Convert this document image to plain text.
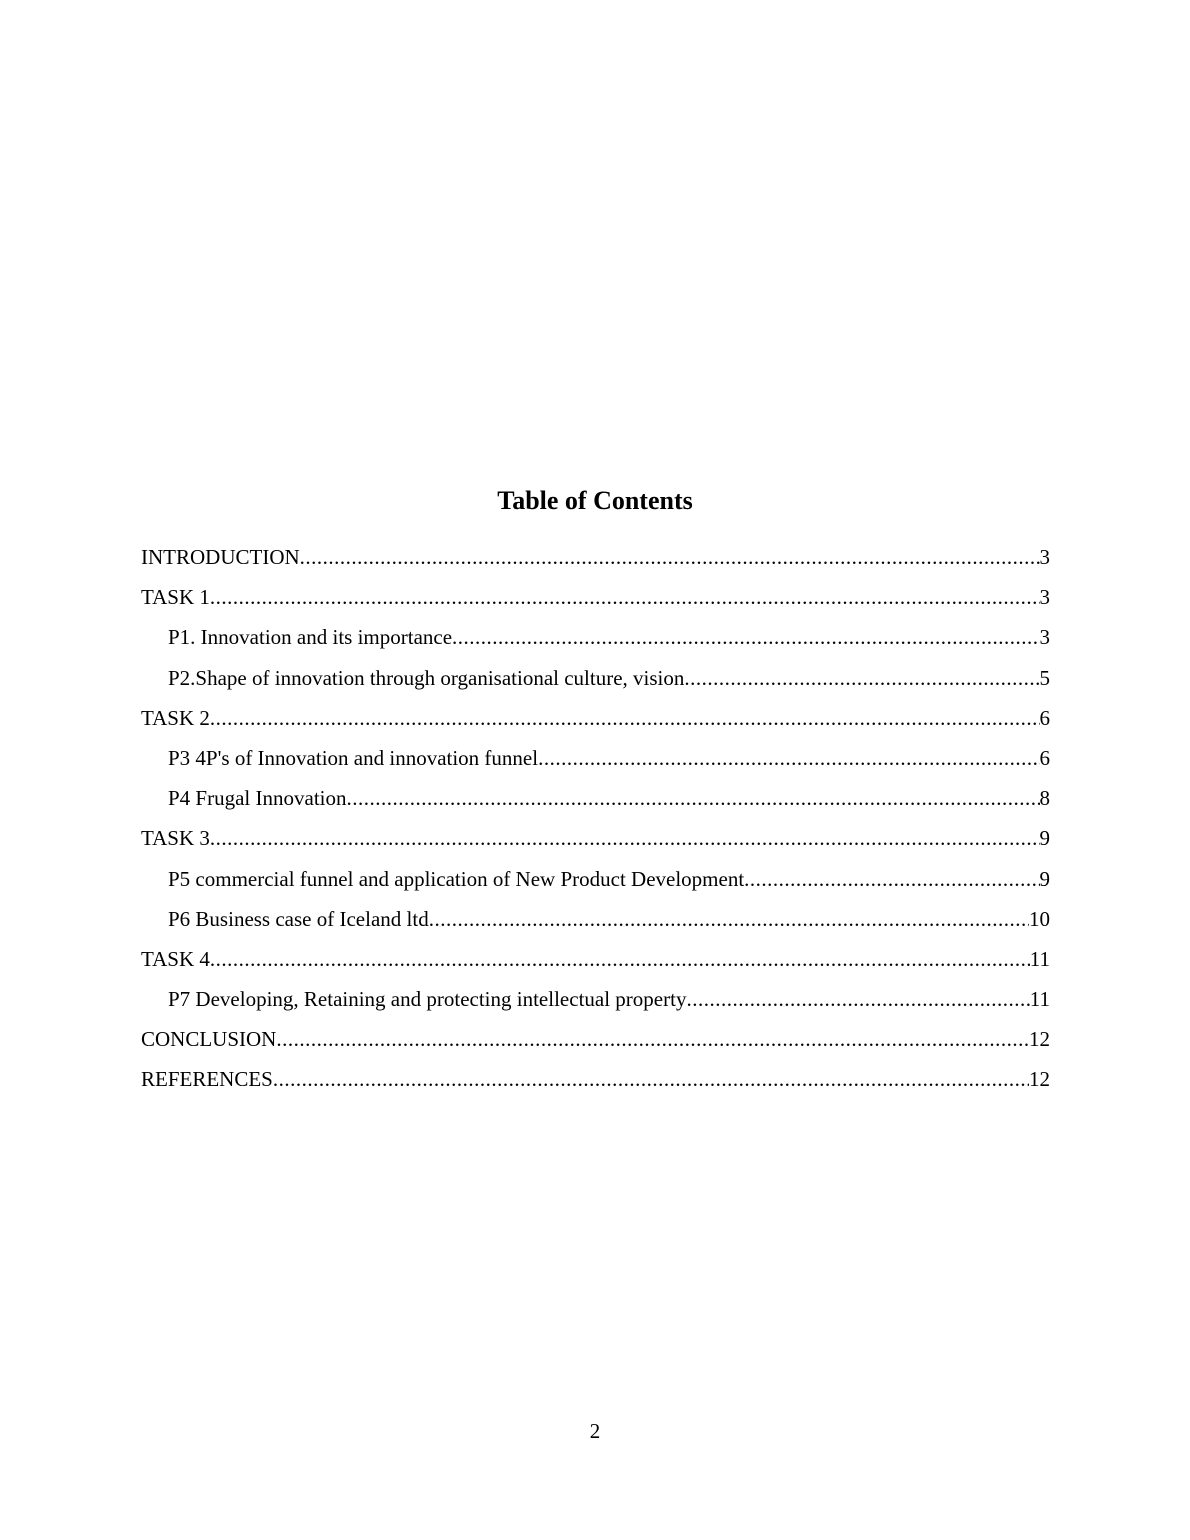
Table of Contents
INTRODUCTION .....	3
TASK 1 .....	3
P1. Innovation and its importance .....	3
P2.Shape of innovation through organisational culture, vision .....	5
TASK 2 .....	6
P3 4P's of Innovation and innovation funnel .....	6
P4 Frugal Innovation .....	8
TASK 3 .....	9
P5 commercial funnel and application of New Product Development .....	9
P6 Business case of Iceland ltd .....	10
TASK 4 .....	11
P7 Developing, Retaining and protecting intellectual property .....	11
CONCLUSION .....	12
REFERENCES .....	12
2
